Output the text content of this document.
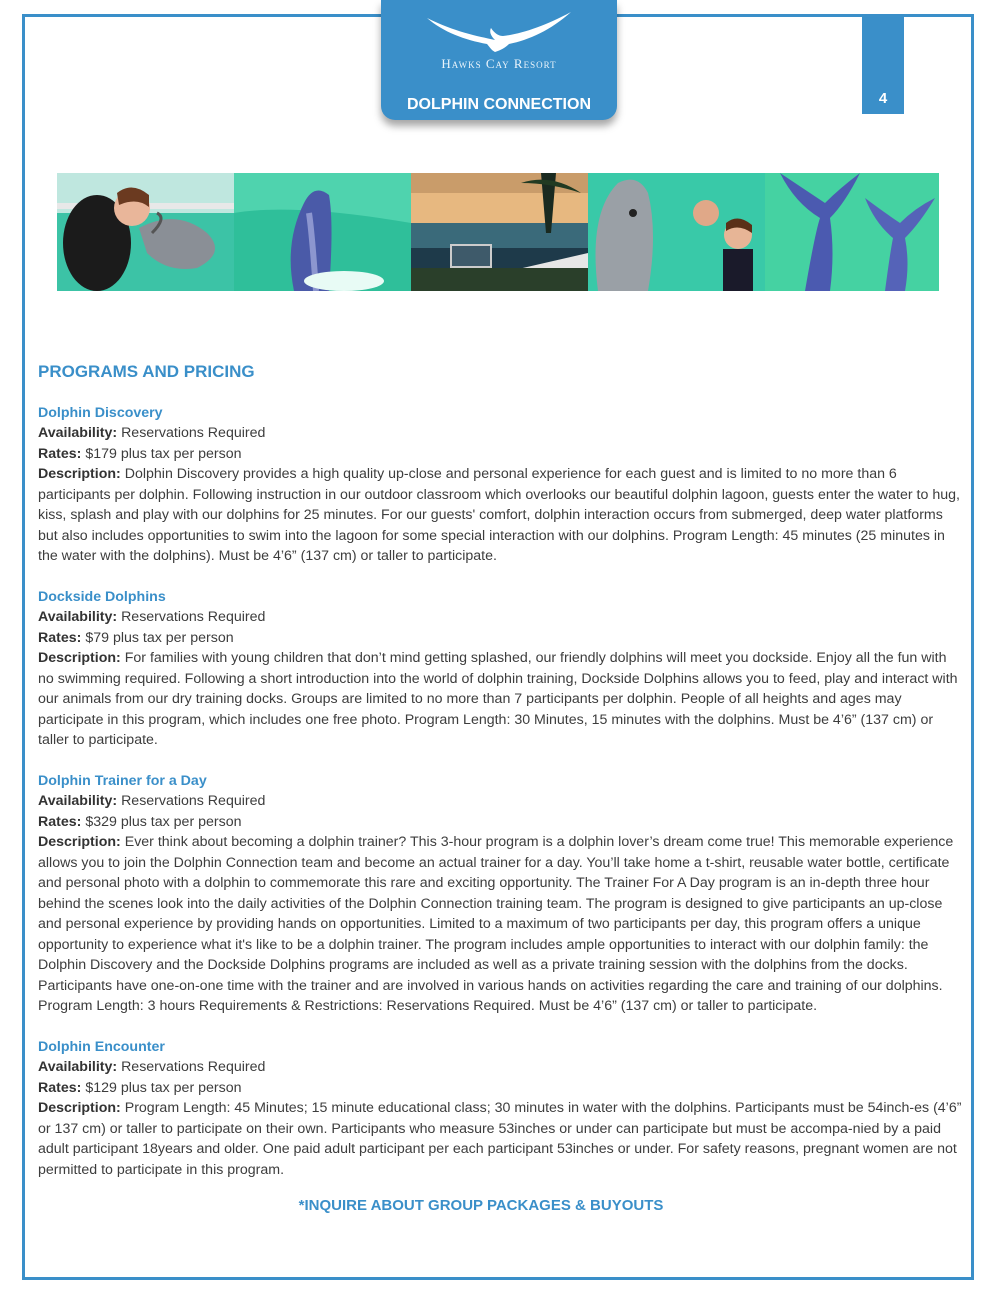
Hawks Cay Resort
DOLPHIN CONNECTION	4
PROGRAMS AND PRICING
Dolphin Discovery
Availability: Reservations Required
Rates: $179 plus tax per person
Description: Dolphin Discovery provides a high quality up-close and personal experience for each guest and is limited to no more than 6 participants per dolphin. Following instruction in our outdoor classroom which overlooks our beautiful dolphin lagoon, guests enter the water to hug, kiss, splash and play with our dolphins for 25 minutes. For our guests' comfort, dolphin interaction occurs from submerged, deep water platforms but also includes opportunities to swim into the lagoon for some special interaction with our dolphins. Program Length: 45 minutes (25 minutes in the water with the dolphins). Must be 4’6” (137 cm) or taller to participate.
Dockside Dolphins
Availability: Reservations Required
Rates: $79 plus tax per person
Description: For families with young children that don’t mind getting splashed, our friendly dolphins will meet you dockside. Enjoy all the fun with no swimming required. Following a short introduction into the world of dolphin training, Dockside Dolphins allows you to feed, play and interact with our animals from our dry training docks. Groups are limited to no more than 7 participants per dolphin. People of all heights and ages may participate in this program, which includes one free photo. Program Length: 30 Minutes, 15 minutes with the dolphins. Must be 4’6” (137 cm) or taller to participate.
Dolphin Trainer for a Day
Availability: Reservations Required
Rates: $329 plus tax per person
Description: Ever think about becoming a dolphin trainer? This 3-hour program is a dolphin lover’s dream come true! This memorable experience allows you to join the Dolphin Connection team and become an actual trainer for a day. You’ll take home a t-shirt, reusable water bottle, certificate and personal photo with a dolphin to commemorate this rare and exciting opportunity. The Trainer For A Day program is an in-depth three hour behind the scenes look into the daily activities of the Dolphin Connection training team. The program is designed to give participants an up-close and personal experience by providing hands on opportunities. Limited to a maximum of two participants per day, this program offers a unique opportunity to experience what it's like to be a dolphin trainer. The program includes ample opportunities to interact with our dolphin family: the Dolphin Discovery and the Dockside Dolphins programs are included as well as a private training session with the dolphins from the docks. Participants have one-on-one time with the trainer and are involved in various hands on activities regarding the care and training of our dolphins. Program Length: 3 hours Requirements & Restrictions: Reservations Required. Must be 4’6” (137 cm) or taller to participate.
Dolphin Encounter
Availability: Reservations Required
Rates: $129 plus tax per person
Description: Program Length: 45 Minutes; 15 minute educational class; 30 minutes in water with the dolphins. Participants must be 54inch-es (4’6” or 137 cm) or taller to participate on their own. Participants who measure 53inches or under can participate but must be accompa-nied by a paid adult participant 18years and older. One paid adult participant per each participant 53inches or under. For safety reasons, pregnant women are not permitted to participate in this program.
*INQUIRE ABOUT GROUP PACKAGES & BUYOUTS
